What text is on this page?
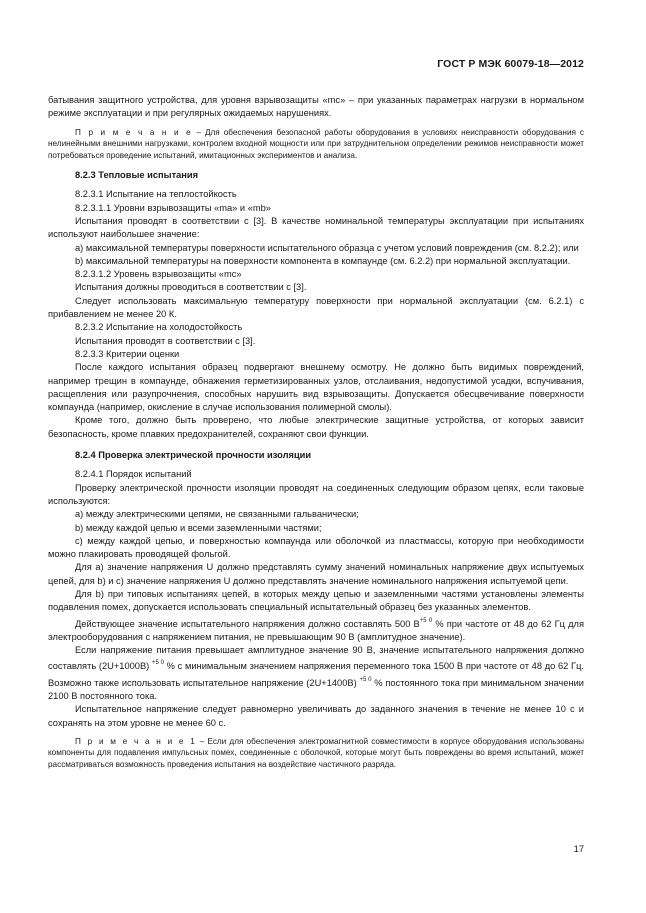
ГОСТ Р МЭК 60079-18—2012

батывания защитного устройства, для уровня взрывозащиты «mc» – при указанных параметрах нагрузки в нормальном режиме эксплуатации и при регулярных ожидаемых нарушениях.

П р и м е ч а н и е – Для обеспечения безопасной работы оборудования в условиях неисправности оборудования с нелинейными внешними нагрузками, контролем входной мощности или при затруднительном определении режимов неисправности может потребоваться проведение испытаний, имитационных экспериментов и анализа.

8.2.3 Тепловые испытания

8.2.3.1 Испытание на теплостойкость

8.2.3.1.1 Уровни взрывозащиты «ma» и «mb»

Испытания проводят в соответствии с [3]. В качестве номинальной температуры эксплуатации при испытаниях используют наибольшее значение:

a) максимальной температуры поверхности испытательного образца с учетом условий повреждения (см. 8.2.2); или

b) максимальной температуры на поверхности компонента в компаунде (см. 6.2.2) при нормальной эксплуатации.

8.2.3.1.2 Уровень взрывозащиты «mc»

Испытания должны проводиться в соответствии с [3].

Следует использовать максимальную температуру поверхности при нормальной эксплуатации (см. 6.2.1) с прибавлением не менее 20 К.

8.2.3.2 Испытание на холодостойкость

Испытания проводят в соответствии с [3].

8.2.3.3 Критерии оценки

После каждого испытания образец подвергают внешнему осмотру. Не должно быть видимых повреждений, например трещин в компаунде, обнажения герметизированных узлов, отслаивания, недопустимой усадки, вспучивания, расщепления или разупрочнения, способных нарушить вид взрывозащиты. Допускается обесцвечивание поверхности компаунда (например, окисление в случае использования полимерной смолы).

Кроме того, должно быть проверено, что любые электрические защитные устройства, от которых зависит безопасность, кроме плавких предохранителей, сохраняют свои функции.

8.2.4 Проверка электрической прочности изоляции

8.2.4.1 Порядок испытаний

Проверку электрической прочности изоляции проводят на соединенных следующим образом цепях, если таковые используются:

a) между электрическими цепями, не связанными гальванически;

b) между каждой цепью и всеми заземленными частями;

c) между каждой цепью, и поверхностью компаунда или оболочкой из пластмассы, которую при необходимости можно плакировать проводящей фольгой.

Для a) значение напряжения U должно представлять сумму значений номинальных напряжение двух испытуемых цепей, для b) и c) значение напряжения U должно представлять значение номинального напряжения испытуемой цепи.

Для b) при типовых испытаниях цепей, в которых между цепью и заземленными частями установлены элементы подавления помех, допускается использовать специальный испытательный образец без указанных элементов.

Действующее значение испытательного напряжения должно составлять 500 $В^{+5 0}$ % при частоте от 48 до 62 Гц для электрооборудования с напряжением питания, не превышающим 90 В (амплитудное значение).

Если напряжение питания превышает амплитудное значение 90 В, значение испытательного напряжения должно составлять (2U+1000В) $^{+5 0}$ % с минимальным значением напряжения переменного тока 1500 В при частоте от 48 до 62 Гц. Возможно также использовать испытательное напряжение (2U+1400В) $^{+5 0}$ % постоянного тока при минимальном значении 2100 В постоянного тока.

Испытательное напряжение следует равномерно увеличивать до заданного значения в течение не менее 10 с и сохранять на этом уровне не менее 60 с.

П р и м е ч а н и е 1 – Если для обеспечения электромагнитной совместимости в корпусе оборудования использованы компоненты для подавления импульсных помех, соединенные с оболочкой, которые могут быть повреждены во время испытаний, может рассматриваться возможность проведения испытания на воздействие частичного разряда.

17
